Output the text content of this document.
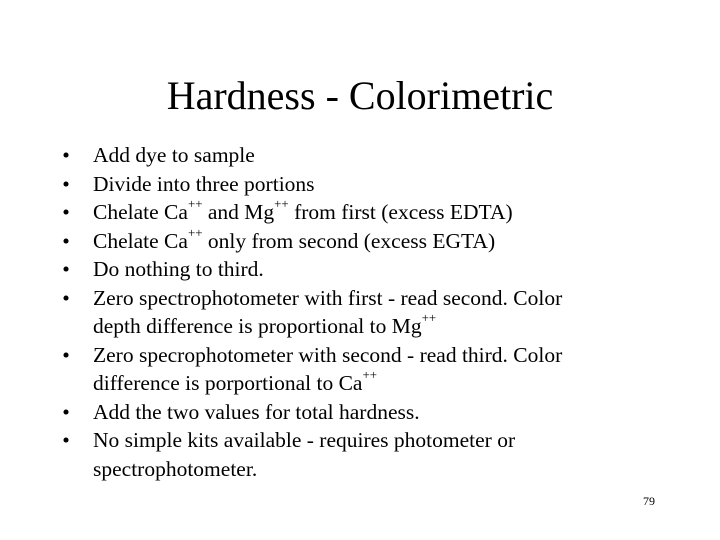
Hardness - Colorimetric
• Add dye to sample
• Divide into three portions
• Chelate Ca++ and Mg++ from first (excess EDTA)
• Chelate Ca++ only from second (excess EGTA)
• Do nothing to third.
• Zero spectrophotometer with first - read second. Color
depth difference is proportional to Mg++
• Zero specrophotometer with second - read third. Color
difference is porportional to Ca++
• Add the two values for total hardness.
• No simple kits available - requires photometer or
spectrophotometer.
79
